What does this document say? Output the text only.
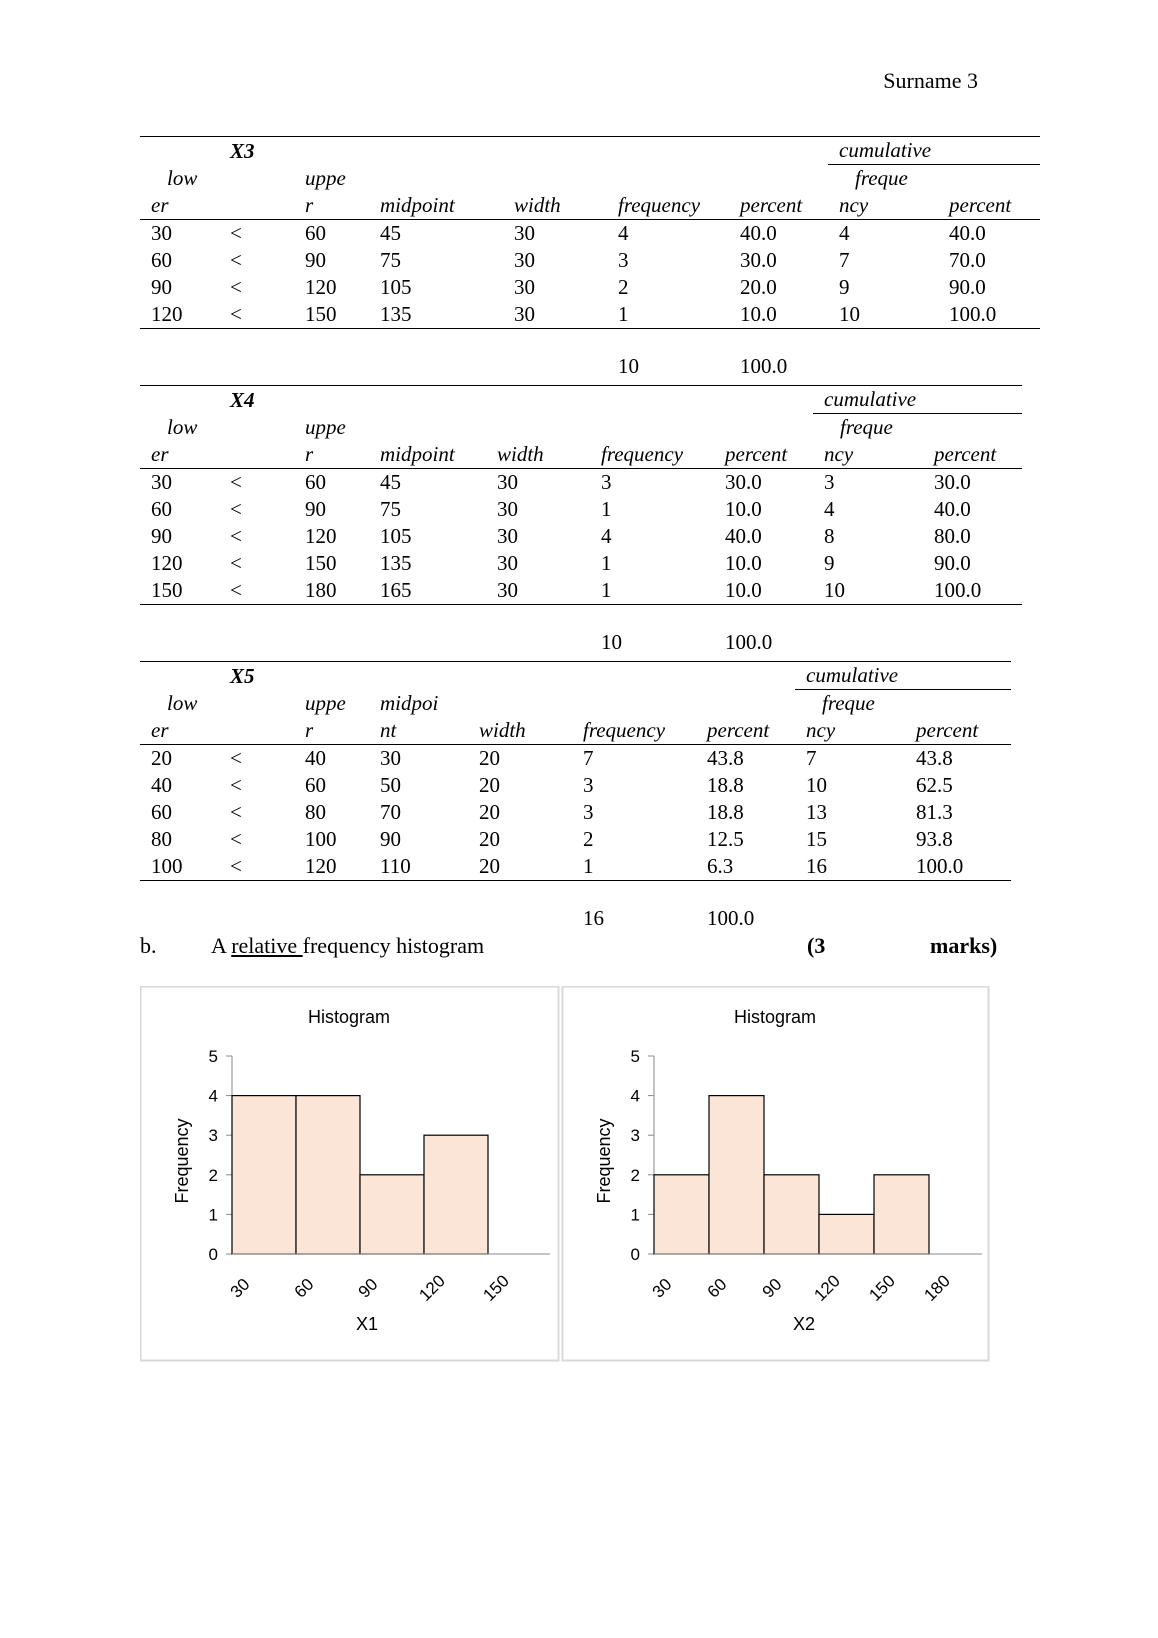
Surname 3
	X3						cumulative	
low		uppe					freque	
er		r	midpoint	width	frequency	percent	ncy	percent
30	<	60	45	30	4	40.0	4	40.0
60	<	90	75	30	3	30.0	7	70.0
90	<	120	105	30	2	20.0	9	90.0
120	<	150	135	30	1	10.0	10	100.0

					10	100.0		
	X4						cumulative	
low		uppe					freque	
er		r	midpoint	width	frequency	percent	ncy	percent
30	<	60	45	30	3	30.0	3	30.0
60	<	90	75	30	1	10.0	4	40.0
90	<	120	105	30	4	40.0	8	80.0
120	<	150	135	30	1	10.0	9	90.0
150	<	180	165	30	1	10.0	10	100.0

					10	100.0		
	X5						cumulative	
low		uppe	midpoi				freque	
er		r	nt	width	frequency	percent	ncy	percent
20	<	40	30	20	7	43.8	7	43.8
40	<	60	50	20	3	18.8	10	62.5
60	<	80	70	20	3	18.8	13	81.3
80	<	100	90	20	2	12.5	15	93.8
100	<	120	110	20	1	6.3	16	100.0

					16	100.0		
b. A relative frequency histogram	(3	marks)
Histogram
0
1
2
3
4
5
30 60 90 120 150
X1
Frequency
Histogram
0
1
2
3
4
5
30 60 90 120 150 180
X2
Frequency
